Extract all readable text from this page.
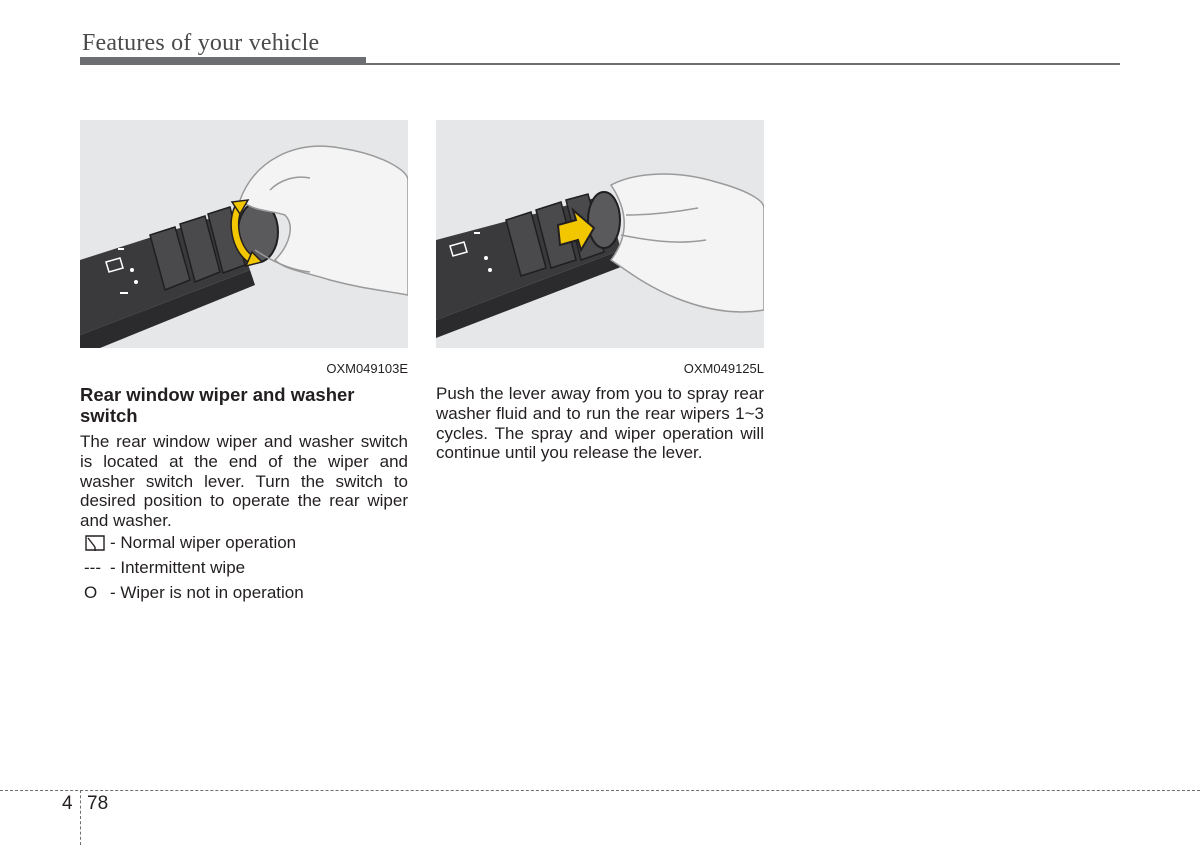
Features of your vehicle
OXM049103E	OXM049125L
Rear window wiper and washer switch
The rear window wiper and washer switch is located at the end of the wiper and washer switch lever. Turn the switch to desired position to operate the rear wiper and washer.
- Normal wiper operation
--- - Intermittent wipe
O - Wiper is not in operation
Push the lever away from you to spray rear washer fluid and to run the rear wipers 1~3 cycles. The spray and wiper operation will continue until you release the lever.
4 78
